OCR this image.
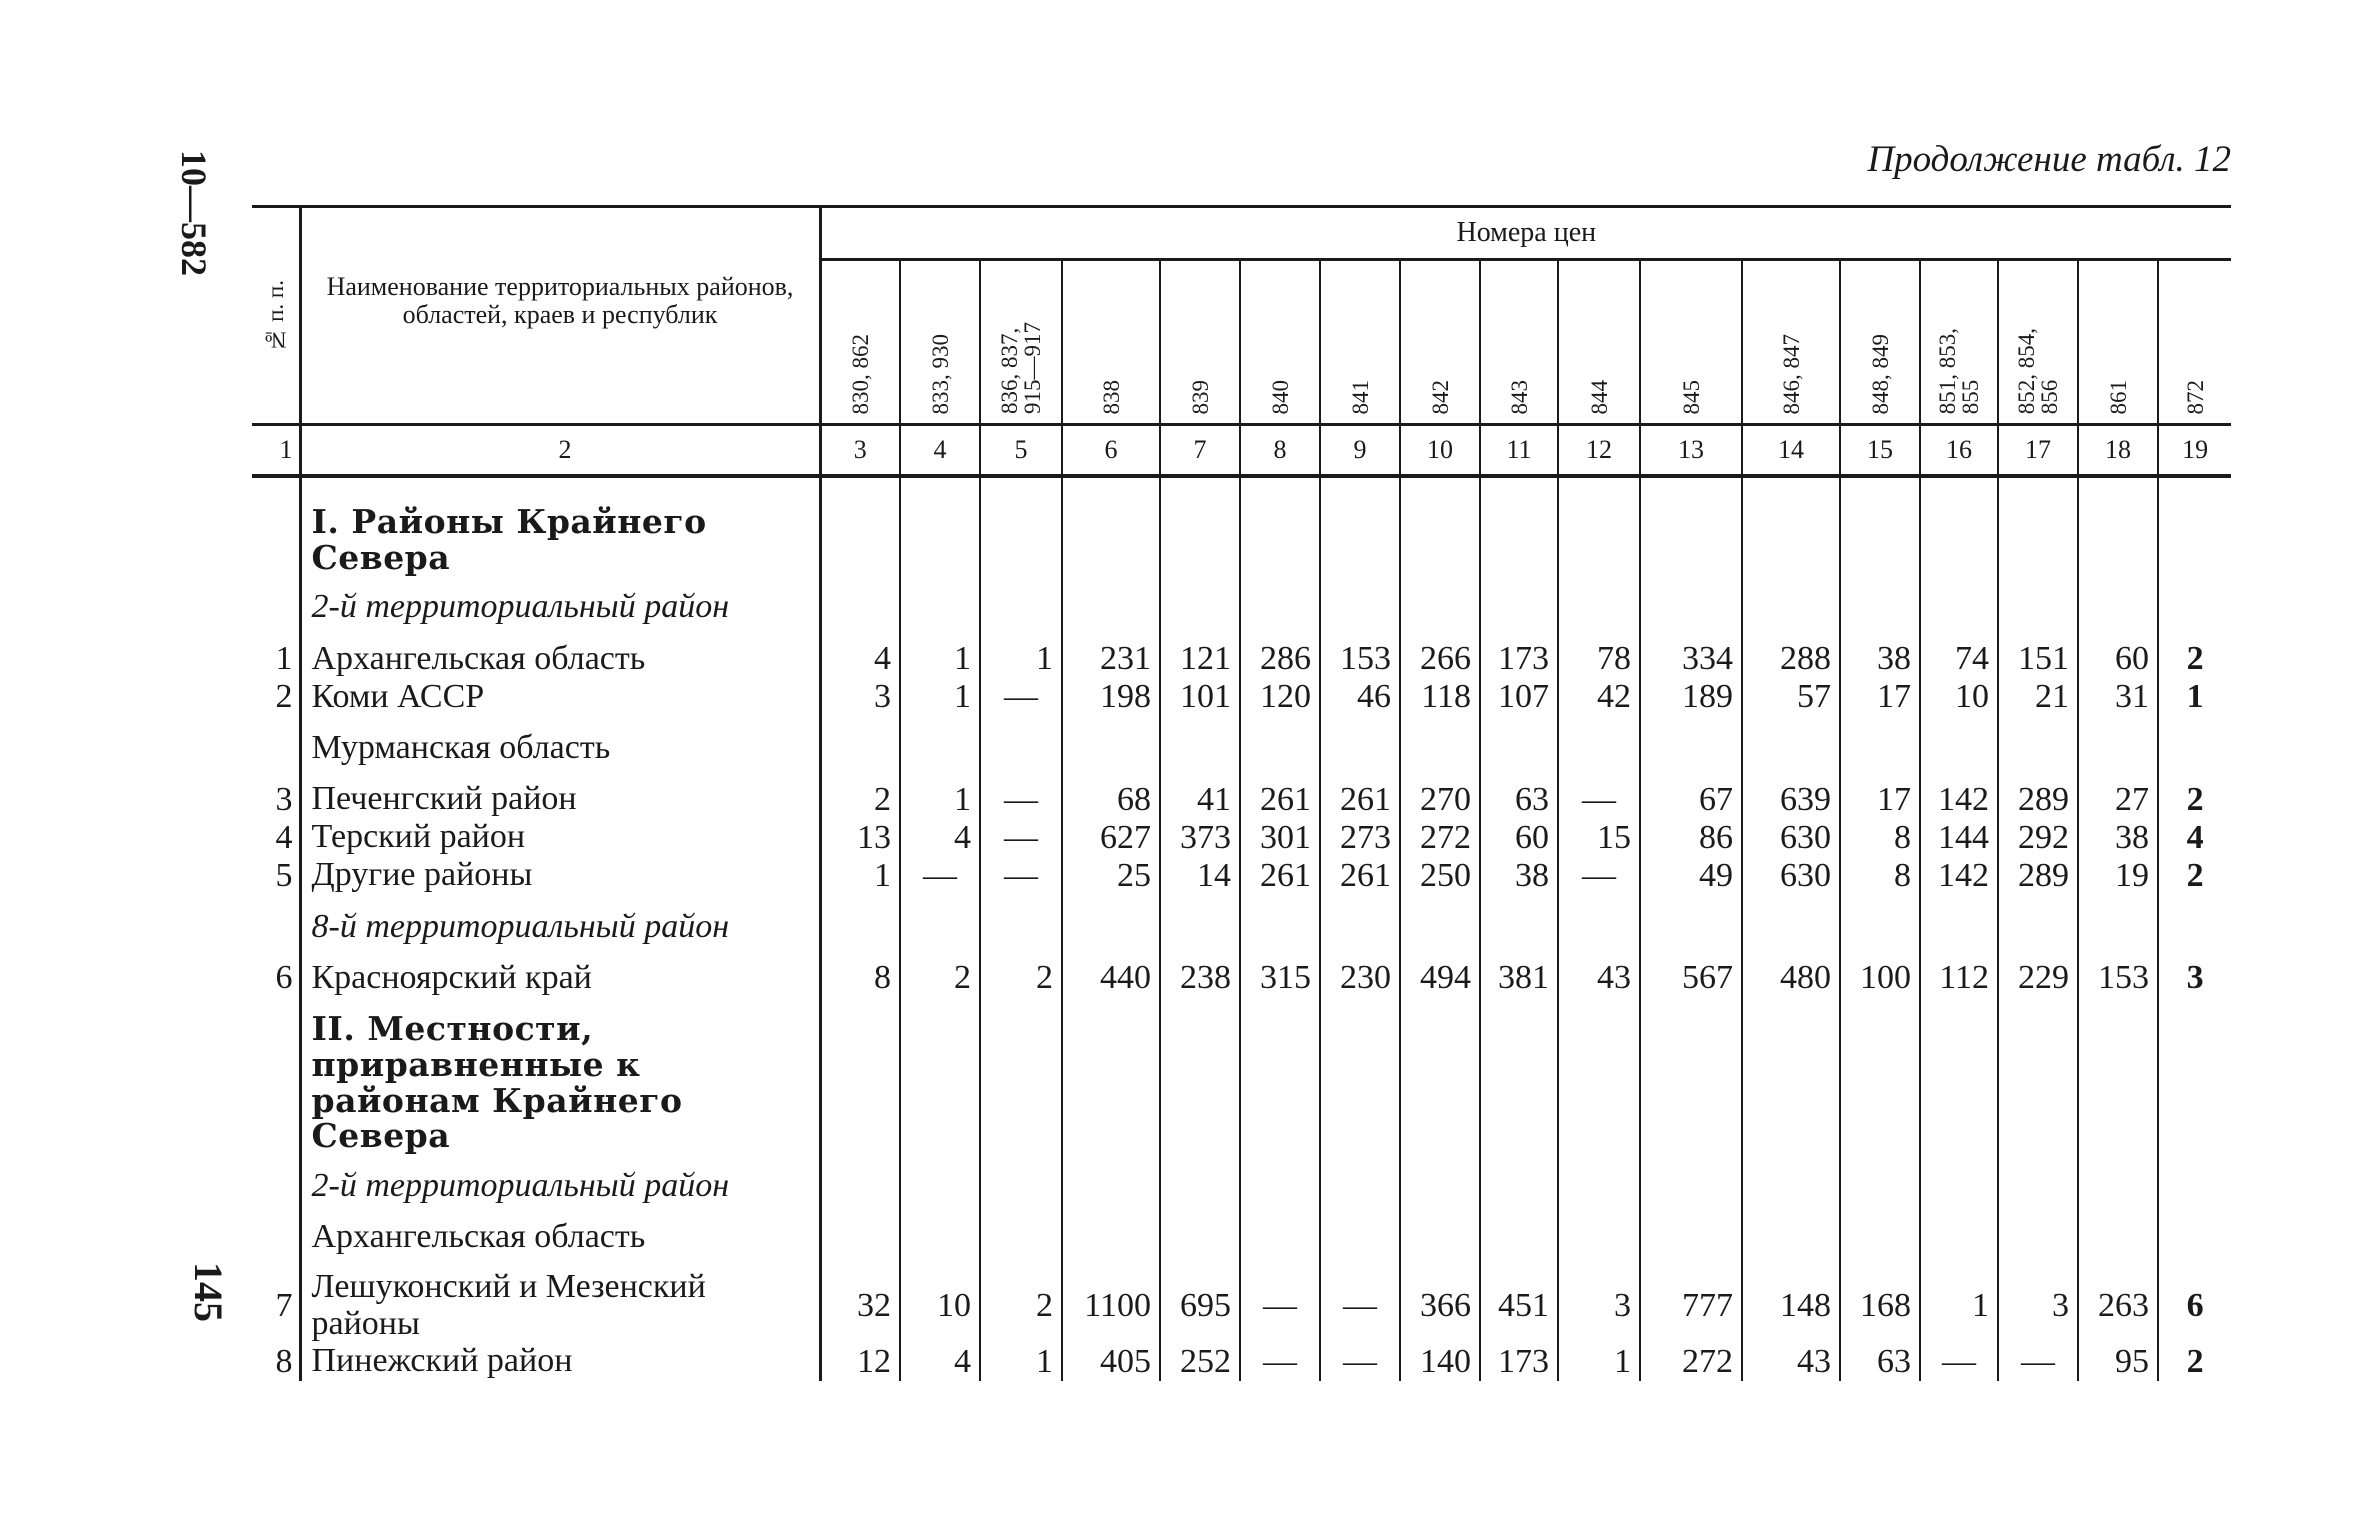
10—582
145
Продолжение табл. 12
№ п. п.	Наименование территориальных районов, областей, краев и республик	Номера цен																
		830, 862	833, 930	836, 837,
915—917	838	839	840	841	842	843	844	845	846, 847	848, 849	851, 853,
855	852, 854,
856	861	872
1	2	3	4	5	6	7	8	9	10	11	12	13	14	15	16	17	18	19

	I. Районы Крайнего Севера																	
	2-й территориальный район																	
1	Архангельская область	4	1	1	231	121	286	153	266	173	78	334	288	38	74	151	60	2
2	Коми АССР	3	1	—	198	101	120	46	118	107	42	189	57	17	10	21	31	1
	Мурманская область																	
3	Печенгский район	2	1	—	68	41	261	261	270	63	—	67	639	17	142	289	27	2
4	Терский район	13	4	—	627	373	301	273	272	60	15	86	630	8	144	292	38	4
5	Другие районы	1	—	—	25	14	261	261	250	38	—	49	630	8	142	289	19	2
	8-й территориальный район																	
6	Красноярский край	8	2	2	440	238	315	230	494	381	43	567	480	100	112	229	153	3
	II. Местности, приравненные к районам Крайнего Севера																	
	2-й территориальный район																	
	Архангельская область																	
7	Лешуконский и Мезенский районы	32	10	2	1100	695	—	—	366	451	3	777	148	168	1	3	263	6
8	Пинежский район	12	4	1	405	252	—	—	140	173	1	272	43	63	—	—	95	2
